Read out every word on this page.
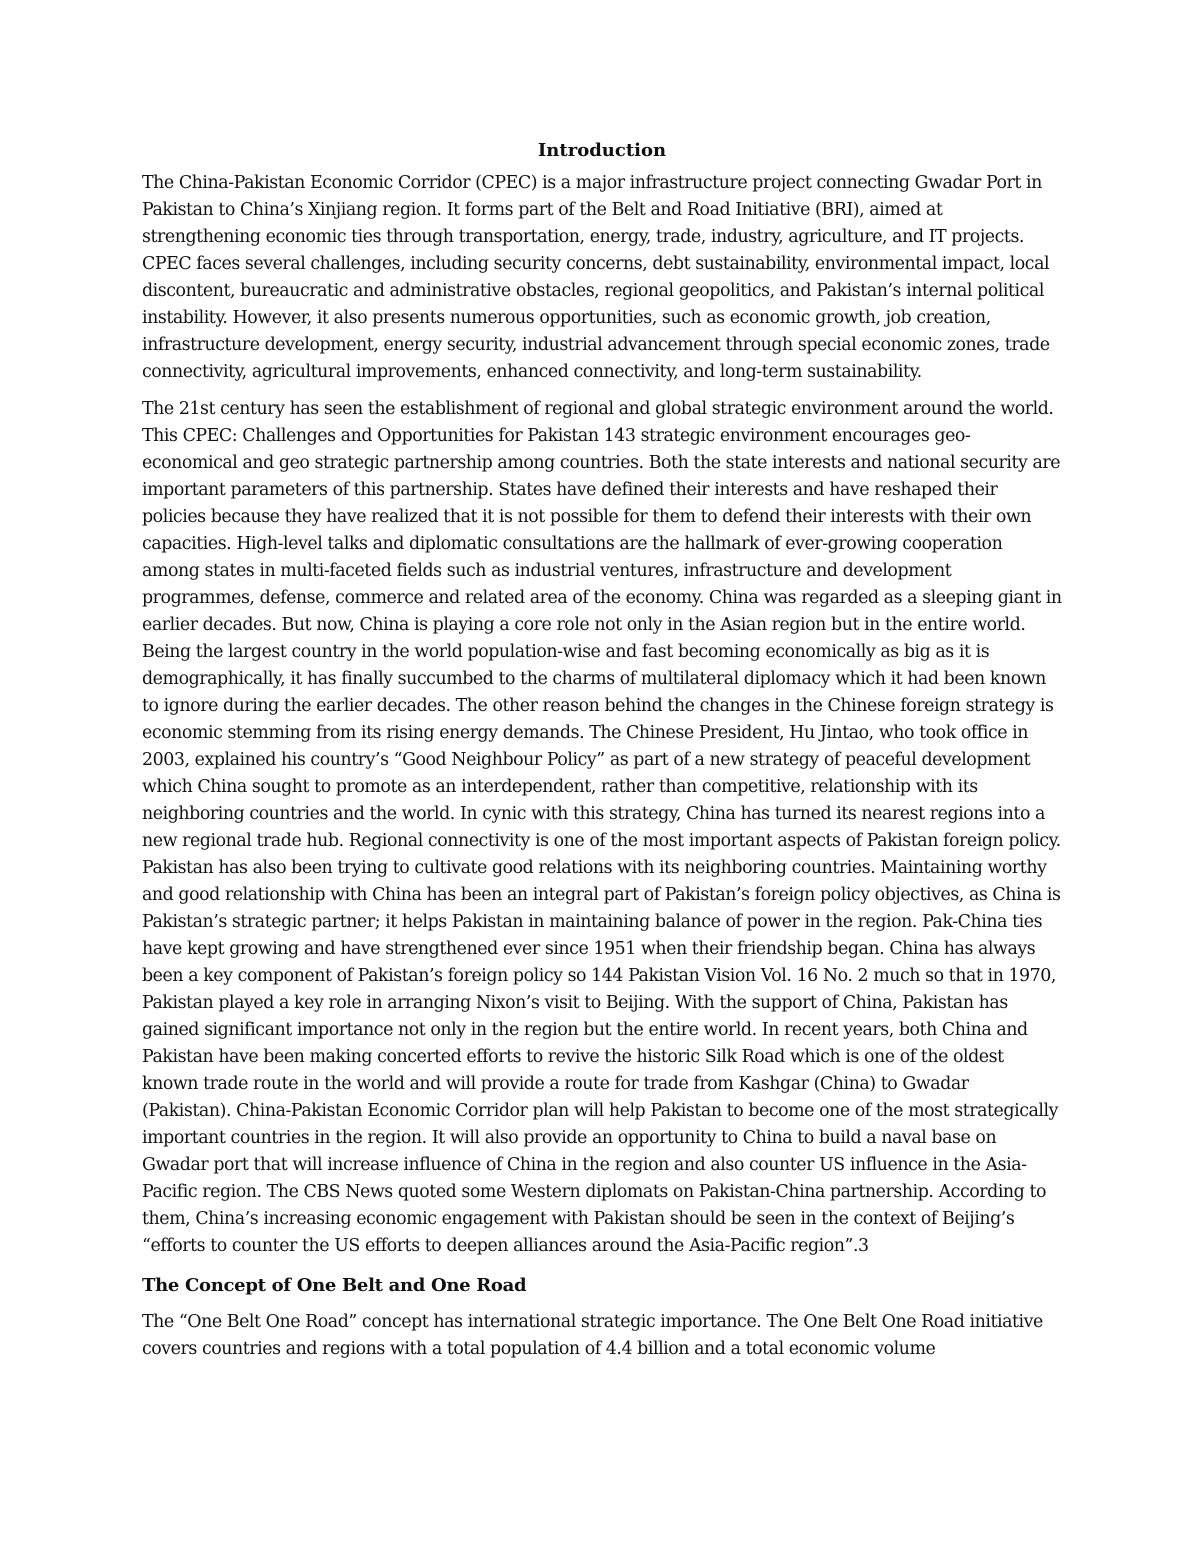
Introduction

The China-Pakistan Economic Corridor (CPEC) is a major infrastructure project connecting Gwadar Port in Pakistan to China’s Xinjiang region. It forms part of the Belt and Road Initiative (BRI), aimed at strengthening economic ties through transportation, energy, trade, industry, agriculture, and IT projects. CPEC faces several challenges, including security concerns, debt sustainability, environmental impact, local discontent, bureaucratic and administrative obstacles, regional geopolitics, and Pakistan’s internal political instability. However, it also presents numerous opportunities, such as economic growth, job creation, infrastructure development, energy security, industrial advancement through special economic zones, trade connectivity, agricultural improvements, enhanced connectivity, and long-term sustainability.

The 21st century has seen the establishment of regional and global strategic environment around the world. This CPEC: Challenges and Opportunities for Pakistan 143 strategic environment encourages geo-economical and geo strategic partnership among countries. Both the state interests and national security are important parameters of this partnership. States have defined their interests and have reshaped their policies because they have realized that it is not possible for them to defend their interests with their own capacities. High-level talks and diplomatic consultations are the hallmark of ever-growing cooperation among states in multi-faceted fields such as industrial ventures, infrastructure and development programmes, defense, commerce and related area of the economy. China was regarded as a sleeping giant in earlier decades. But now, China is playing a core role not only in the Asian region but in the entire world. Being the largest country in the world population-wise and fast becoming economically as big as it is demographically, it has finally succumbed to the charms of multilateral diplomacy which it had been known to ignore during the earlier decades. The other reason behind the changes in the Chinese foreign strategy is economic stemming from its rising energy demands. The Chinese President, Hu Jintao, who took office in 2003, explained his country’s “Good Neighbour Policy” as part of a new strategy of peaceful development which China sought to promote as an interdependent, rather than competitive, relationship with its neighboring countries and the world. In cynic with this strategy, China has turned its nearest regions into a new regional trade hub. Regional connectivity is one of the most important aspects of Pakistan foreign policy. Pakistan has also been trying to cultivate good relations with its neighboring countries. Maintaining worthy and good relationship with China has been an integral part of Pakistan’s foreign policy objectives, as China is Pakistan’s strategic partner; it helps Pakistan in maintaining balance of power in the region. Pak-China ties have kept growing and have strengthened ever since 1951 when their friendship began. China has always been a key component of Pakistan’s foreign policy so 144 Pakistan Vision Vol. 16 No. 2 much so that in 1970, Pakistan played a key role in arranging Nixon’s visit to Beijing. With the support of China, Pakistan has gained significant importance not only in the region but the entire world. In recent years, both China and Pakistan have been making concerted efforts to revive the historic Silk Road which is one of the oldest known trade route in the world and will provide a route for trade from Kashgar (China) to Gwadar (Pakistan). China-Pakistan Economic Corridor plan will help Pakistan to become one of the most strategically important countries in the region. It will also provide an opportunity to China to build a naval base on Gwadar port that will increase influence of China in the region and also counter US influence in the Asia-Pacific region. The CBS News quoted some Western diplomats on Pakistan-China partnership. According to them, China’s increasing economic engagement with Pakistan should be seen in the context of Beijing’s “efforts to counter the US efforts to deepen alliances around the Asia-Pacific region”.3

The Concept of One Belt and One Road

The “One Belt One Road” concept has international strategic importance. The One Belt One Road initiative covers countries and regions with a total population of 4.4 billion and a total economic volume
